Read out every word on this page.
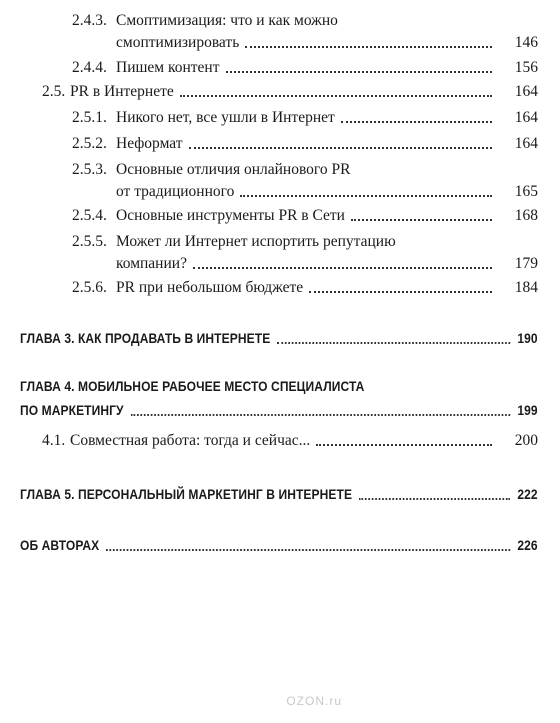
2.4.3. Смоптимизация: что и как можно
смоптимизировать	146
2.4.4. Пишем контент	156
2.5. PR в Интернете	164
2.5.1. Никого нет, все ушли в Интернет	164
2.5.2. Неформат	164
2.5.3. Основные отличия онлайнового PR
от традиционного	165
2.5.4. Основные инструменты PR в Сети	168
2.5.5. Может ли Интернет испортить репутацию
компании?	179
2.5.6. PR при небольшом бюджете	184
ГЛАВА 3. КАК ПРОДАВАТЬ В ИНТЕРНЕТЕ	190
ГЛАВА 4. МОБИЛЬНОЕ РАБОЧЕЕ МЕСТО СПЕЦИАЛИСТА
ПО МАРКЕТИНГУ	199
4.1. Совместная работа: тогда и сейчас...	200
ГЛАВА 5. ПЕРСОНАЛЬНЫЙ МАРКЕТИНГ В ИНТЕРНЕТЕ	222
ОБ АВТОРАХ	226
OZON.ru
